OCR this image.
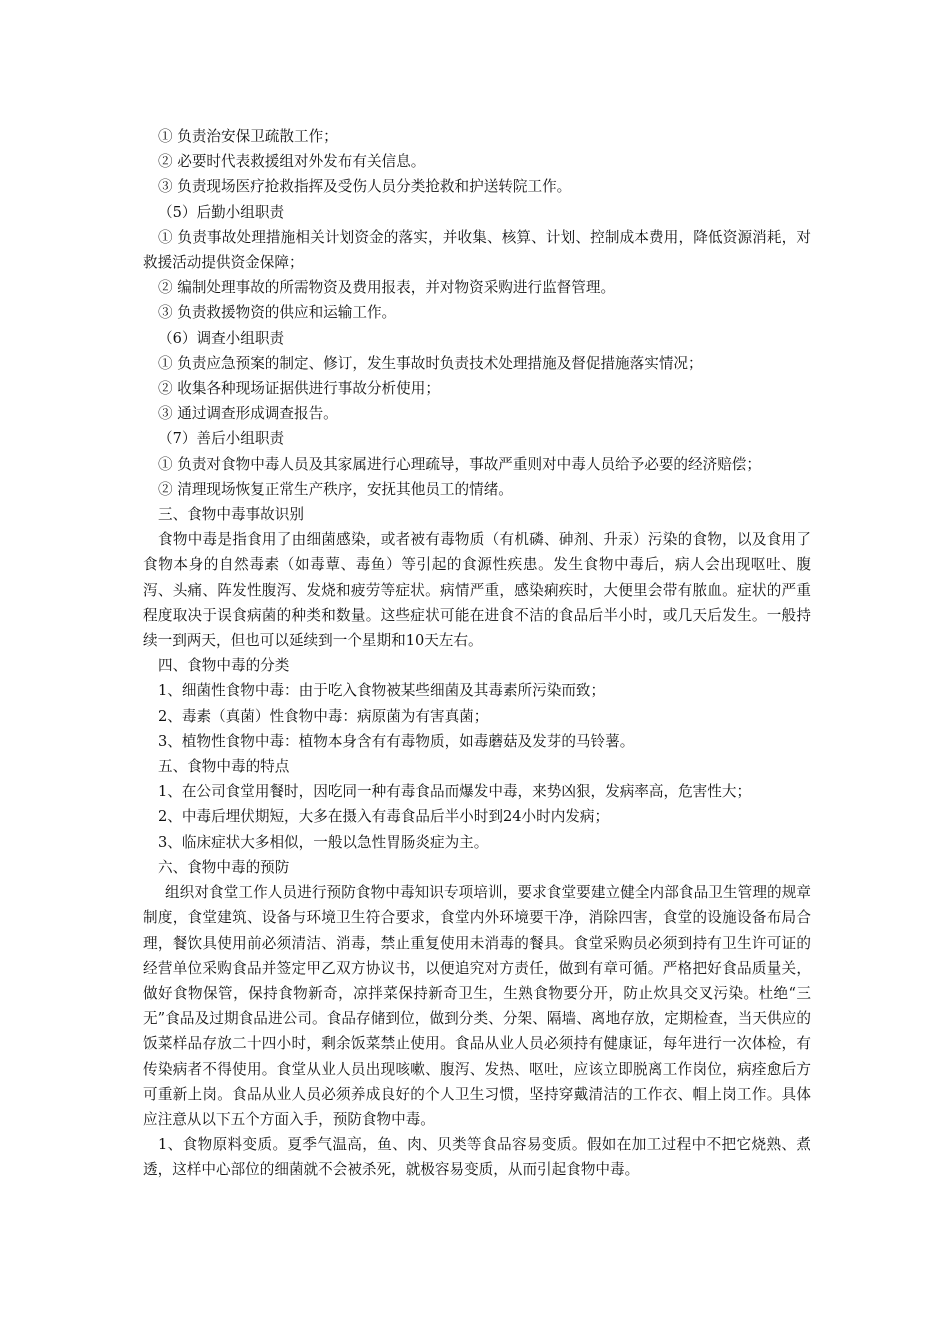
① 负责治安保卫疏散工作；

② 必要时代表救援组对外发布有关信息。

③ 负责现场医疗抢救指挥及受伤人员分类抢救和护送转院工作。

（5）后勤小组职责

① 负责事故处理措施相关计划资金的落实，并收集、核算、计划、控制成本费用，降低资源消耗，对救援活动提供资金保障；

② 编制处理事故的所需物资及费用报表，并对物资采购进行监督管理。

③ 负责救援物资的供应和运输工作。

（6）调查小组职责

① 负责应急预案的制定、修订，发生事故时负责技术处理措施及督促措施落实情况；

② 收集各种现场证据供进行事故分析使用；

③ 通过调查形成调查报告。

（7）善后小组职责

① 负责对食物中毒人员及其家属进行心理疏导，事故严重则对中毒人员给予必要的经济赔偿；

② 清理现场恢复正常生产秩序，安抚其他员工的情绪。

三、食物中毒事故识别

食物中毒是指食用了由细菌感染，或者被有毒物质（有机磷、砷剂、升汞）污染的食物，以及食用了食物本身的自然毒素（如毒蕈、毒鱼）等引起的食源性疾患。发生食物中毒后，病人会出现呕吐、腹泻、头痛、阵发性腹泻、发烧和疲劳等症状。病情严重，感染痢疾时，大便里会带有脓血。症状的严重程度取决于误食病菌的种类和数量。这些症状可能在进食不洁的食品后半小时，或几天后发生。一般持续一到两天，但也可以延续到一个星期和10天左右。

四、食物中毒的分类

1、细菌性食物中毒：由于吃入食物被某些细菌及其毒素所污染而致；

2、毒素（真菌）性食物中毒：病原菌为有害真菌；

3、植物性食物中毒：植物本身含有有毒物质，如毒蘑菇及发芽的马铃薯。

五、食物中毒的特点

1、在公司食堂用餐时，因吃同一种有毒食品而爆发中毒，来势凶狠，发病率高，危害性大；

2、中毒后埋伏期短，大多在摄入有毒食品后半小时到24小时内发病；

3、临床症状大多相似，一般以急性胃肠炎症为主。

六、食物中毒的预防

组织对食堂工作人员进行预防食物中毒知识专项培训，要求食堂要建立健全内部食品卫生管理的规章制度，食堂建筑、设备与环境卫生符合要求，食堂内外环境要干净，消除四害，食堂的设施设备布局合理，餐饮具使用前必须清洁、消毒，禁止重复使用未消毒的餐具。食堂采购员必须到持有卫生许可证的经营单位采购食品并签定甲乙双方协议书，以便追究对方责任，做到有章可循。严格把好食品质量关，做好食物保管，保持食物新奇，凉拌菜保持新奇卫生，生熟食物要分开，防止炊具交叉污染。杜绝“三无”食品及过期食品进公司。食品存储到位，做到分类、分架、隔墙、离地存放，定期检查，当天供应的饭菜样品存放二十四小时，剩余饭菜禁止使用。食品从业人员必须持有健康证，每年进行一次体检，有传染病者不得使用。食堂从业人员出现咳嗽、腹泻、发热、呕吐，应该立即脱离工作岗位，病痊愈后方可重新上岗。食品从业人员必须养成良好的个人卫生习惯，坚持穿戴清洁的工作衣、帽上岗工作。具体应注意从以下五个方面入手，预防食物中毒。

1、食物原料变质。夏季气温高，鱼、肉、贝类等食品容易变质。假如在加工过程中不把它烧熟、煮透，这样中心部位的细菌就不会被杀死，就极容易变质，从而引起食物中毒。
